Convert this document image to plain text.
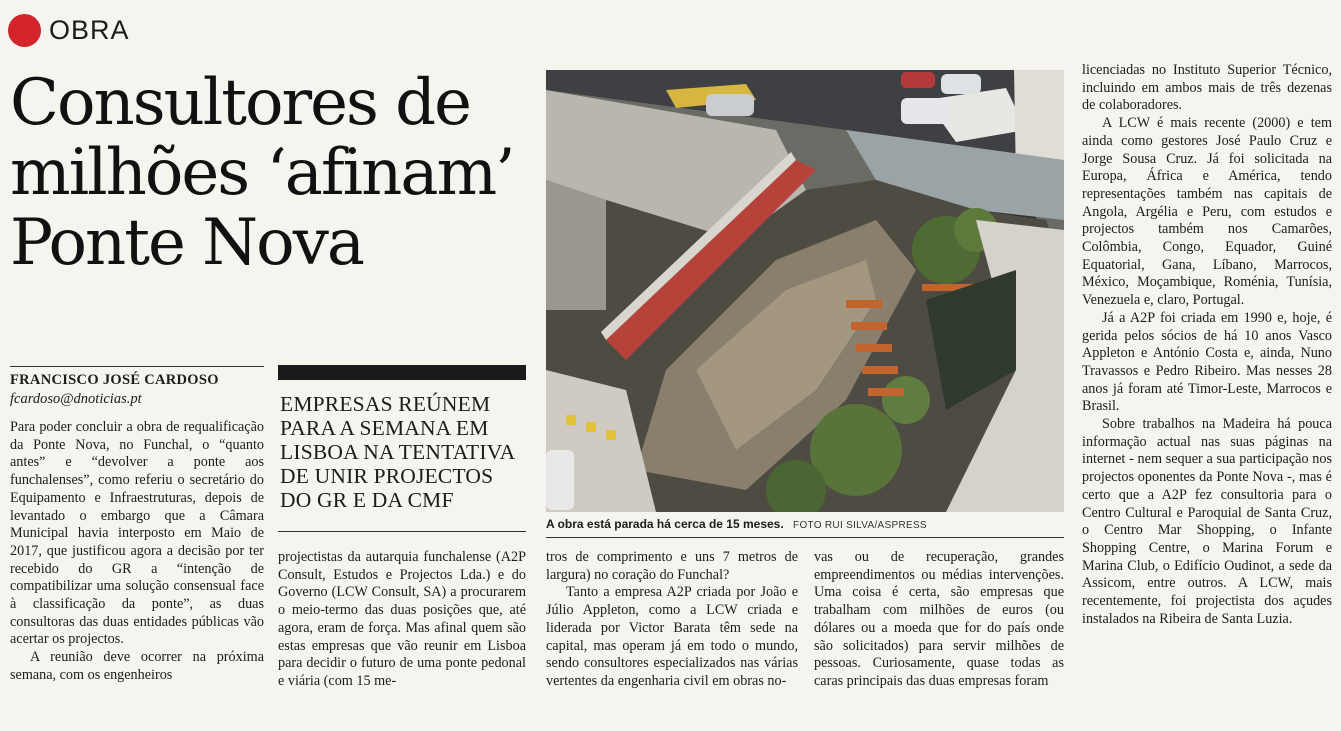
OBRA
Consultores de
milhões ‘afinam’
Ponte Nova
FRANCISCO JOSÉ CARDOSO
fcardoso@dnoticias.pt

Para poder concluir a obra de requalificação da Ponte Nova, no Funchal, o “quanto antes” e “devolver a ponte aos funchalenses”, como referiu o secretário do Equipamento e Infraestruturas, depois de levantado o embargo que a Câmara Municipal havia interposto em Maio de 2017, que justificou agora a decisão por ter recebido do GR a “intenção de compatibilizar uma solução consensual face à classificação da ponte”, as duas consultoras das duas entidades públicas vão acertar os projectos.

A reunião deve ocorrer na próxima semana, com os engenheiros

EMPRESAS REÚNEM PARA A SEMANA EM LISBOA NA TENTATIVA DE UNIR PROJECTOS DO GR E DA CMF

projectistas da autarquia funchalense (A2P Consult, Estudos e Projectos Lda.) e do Governo (LCW Consult, SA) a procurarem o meio-termo das duas posições que, até agora, eram de força. Mas afinal quem são estas empresas que vão reunir em Lisboa para decidir o futuro de uma ponte pedonal e viária (com 15 me-

A obra está parada há cerca de 15 meses. FOTO RUI SILVA/ASPRESS

tros de comprimento e uns 7 metros de largura) no coração do Funchal?

Tanto a empresa A2P criada por João e Júlio Appleton, como a LCW criada e liderada por Victor Barata têm sede na capital, mas operam já em todo o mundo, sendo consultores especializados nas várias vertentes da engenharia civil em obras no-

vas ou de recuperação, grandes empreendimentos ou médias intervenções. Uma coisa é certa, são empresas que trabalham com milhões de euros (ou dólares ou a moeda que for do país onde são solicitados) para servir milhões de pessoas. Curiosamente, quase todas as caras principais das duas empresas foram

licenciadas no Instituto Superior Técnico, incluindo em ambos mais de três dezenas de colaboradores.

A LCW é mais recente (2000) e tem ainda como gestores José Paulo Cruz e Jorge Sousa Cruz. Já foi solicitada na Europa, África e América, tendo representações também nas capitais de Angola, Argélia e Peru, com estudos e projectos também nos Camarões, Colômbia, Congo, Equador, Guiné Equatorial, Gana, Líbano, Marrocos, México, Moçambique, Roménia, Tunísia, Venezuela e, claro, Portugal.

Já a A2P foi criada em 1990 e, hoje, é gerida pelos sócios de há 10 anos Vasco Appleton e António Costa e, ainda, Nuno Travassos e Pedro Ribeiro. Mas nesses 28 anos já foram até Timor-Leste, Marrocos e Brasil.

Sobre trabalhos na Madeira há pouca informação actual nas suas páginas na internet - nem sequer a sua participação nos projectos oponentes da Ponte Nova -, mas é certo que a A2P fez consultoria para o Centro Cultural e Paroquial de Santa Cruz, o Centro Mar Shopping, o Infante Shopping Centre, o Marina Forum e Marina Club, o Edifício Oudinot, a sede da Assicom, entre outros. A LCW, mais recentemente, foi projectista dos açudes instalados na Ribeira de Santa Luzia.
